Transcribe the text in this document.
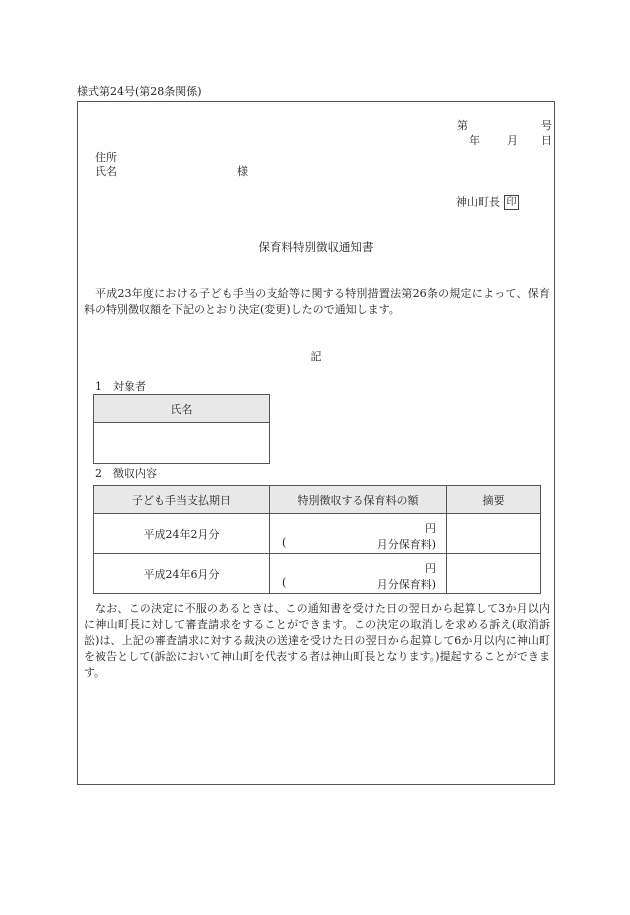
様式第24号(第28条関係)
第	号
年 月 日
住所
氏名	様
神山町長 印
保育料特別徴収通知書
平成23年度における子ども手当の支給等に関する特別措置法第26条の規定によって、保育料の特別徴収額を下記のとおり決定(変更)したので通知します。
記
1　対象者
氏名

2　徴収内容
子ども手当支払期日	特別徴収する保育料の額	摘要
平成24年2月分	円
( 月分保育料)	

平成24年6月分	円
( 月分保育料)	

なお、この決定に不服のあるときは、この通知書を受けた日の翌日から起算して3か月以内に神山町長に対して審査請求をすることができます。この決定の取消しを求める訴え(取消訴訟)は、上記の審査請求に対する裁決の送達を受けた日の翌日から起算して6か月以内に神山町を被告として(訴訟において神山町を代表する者は神山町長となります。)提起することができます。
